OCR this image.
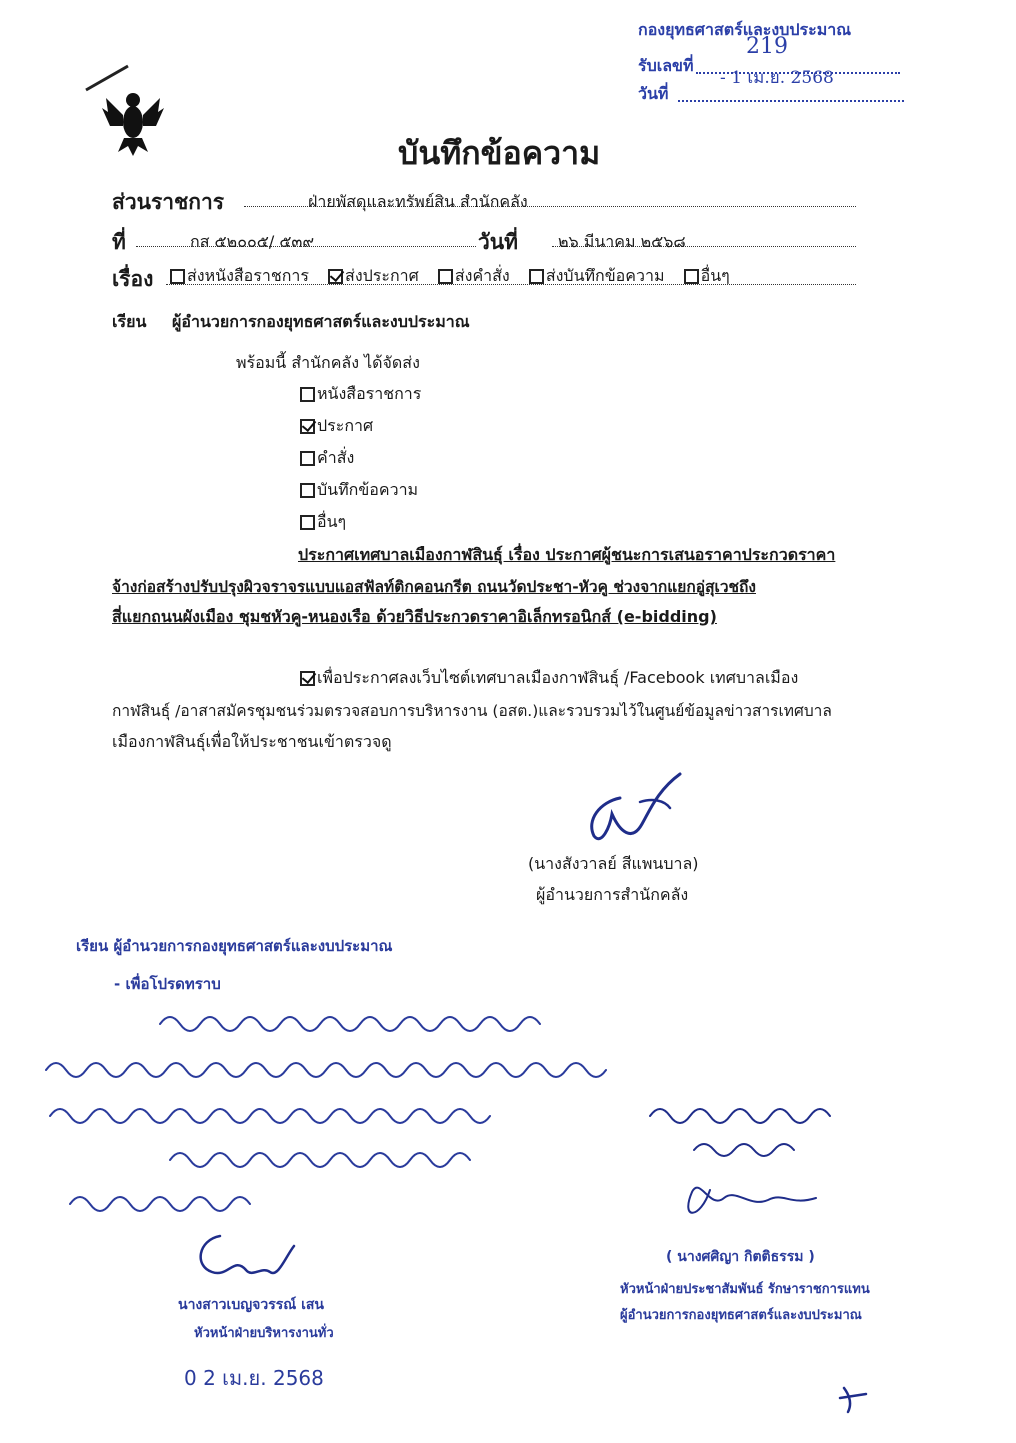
กองยุทธศาสตร์และงบประมาณ
รับเลขที่
219
วันที่
- 1 เม.ย. 2568
บันทึกข้อความ
ส่วนราชการ	ฝ่ายพัสดุและทรัพย์สิน สำนักคลัง
ที่	กส ๕๒๐๐๕/ ๕๓๙	วันที่	๒๖ มีนาคม ๒๕๖๘
เรื่อง	ส่งหนังสือราชการ ส่งประกาศ ส่งคำสั่ง ส่งบันทึกข้อความ อื่นๆ
เรียน ผู้อำนวยการกองยุทธศาสตร์และงบประมาณ
พร้อมนี้ สำนักคลัง ได้จัดส่ง
หนังสือราชการ
ประกาศ
คำสั่ง
บันทึกข้อความ
อื่นๆ
ประกาศเทศบาลเมืองกาฬสินธุ์ เรื่อง ประกาศผู้ชนะการเสนอราคาประกวดราคา
จ้างก่อสร้างปรับปรุงผิวจราจรแบบแอสฟัลท์ติกคอนกรีต ถนนวัดประชา-หัวคู ช่วงจากแยกอู่สุเวชถึง
สี่แยกถนนผังเมือง ชุมชหัวคู-หนองเรือ ด้วยวิธีประกวดราคาอิเล็กทรอนิกส์ (e-bidding)
เพื่อประกาศลงเว็บไซต์เทศบาลเมืองกาฬสินธุ์ /Facebook เทศบาลเมือง
กาฬสินธุ์ /อาสาสมัครชุมชนร่วมตรวจสอบการบริหารงาน (อสต.)และรวบรวมไว้ในศูนย์ข้อมูลข่าวสารเทศบาล
เมืองกาฬสินธุ์เพื่อให้ประชาชนเข้าตรวจดู
(นางสังวาลย์ สีแพนบาล)
ผู้อำนวยการสำนักคลัง
เรียน ผู้อำนวยการกองยุทธศาสตร์และงบประมาณ
- เพื่อโปรดทราบ
นางสาวเบญจวรรณ์ เสน
หัวหน้าฝ่ายบริหารงานทั่ว
0 2 เม.ย. 2568
( นางศศิญา กิตติธรรม )
หัวหน้าฝ่ายประชาสัมพันธ์ รักษาราชการแทน
ผู้อำนวยการกองยุทธศาสตร์และงบประมาณ
